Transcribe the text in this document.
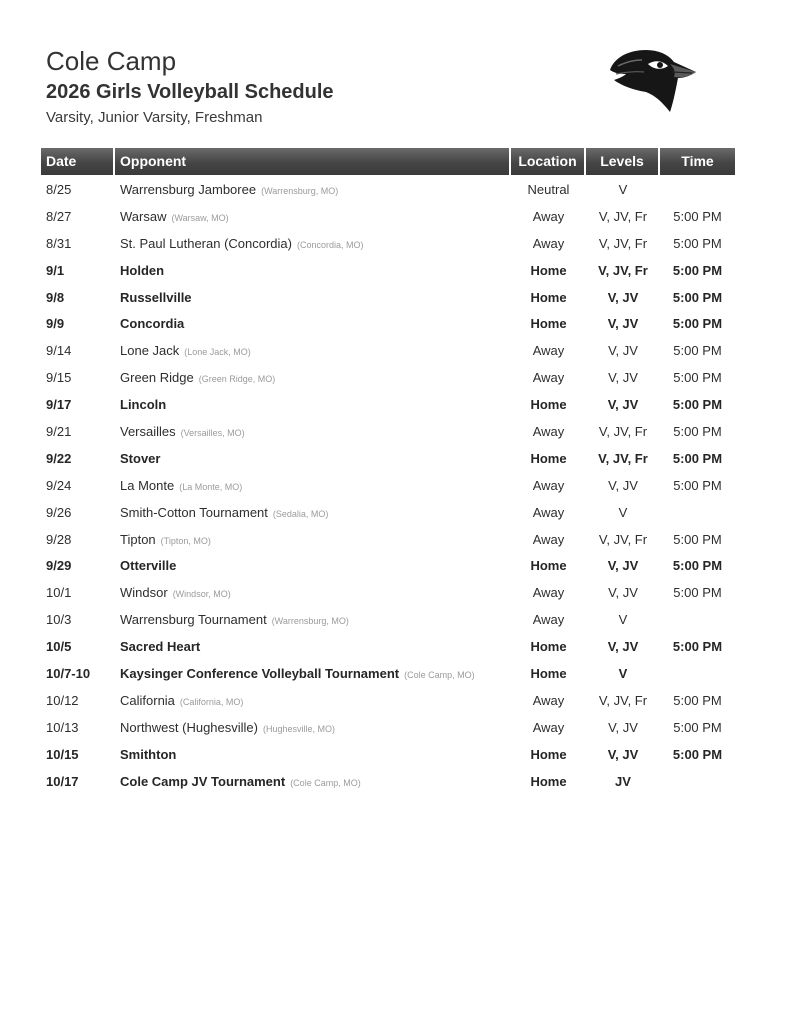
Cole Camp
2026 Girls Volleyball Schedule

Varsity, Junior Varsity, Freshman

Date	Opponent	Location	Levels	Time
8/25	Warrensburg Jamboree (Warrensburg, MO)	Neutral	V
8/27	Warsaw (Warsaw, MO)	Away	V, JV, Fr	5:00 PM
8/31	St. Paul Lutheran (Concordia) (Concordia, MO)	Away	V, JV, Fr	5:00 PM
9/1	Holden	Home	V, JV, Fr	5:00 PM
9/8	Russellville	Home	V, JV	5:00 PM
9/9	Concordia	Home	V, JV	5:00 PM
9/14	Lone Jack (Lone Jack, MO)	Away	V, JV	5:00 PM
9/15	Green Ridge (Green Ridge, MO)	Away	V, JV	5:00 PM
9/17	Lincoln	Home	V, JV	5:00 PM
9/21	Versailles (Versailles, MO)	Away	V, JV, Fr	5:00 PM
9/22	Stover	Home	V, JV, Fr	5:00 PM
9/24	La Monte (La Monte, MO)	Away	V, JV	5:00 PM
9/26	Smith-Cotton Tournament (Sedalia, MO)	Away	V
9/28	Tipton (Tipton, MO)	Away	V, JV, Fr	5:00 PM
9/29	Otterville	Home	V, JV	5:00 PM
10/1	Windsor (Windsor, MO)	Away	V, JV	5:00 PM
10/3	Warrensburg Tournament (Warrensburg, MO)	Away	V
10/5	Sacred Heart	Home	V, JV	5:00 PM
10/7-10	Kaysinger Conference Volleyball Tournament (Cole Camp, MO)	Home	V
10/12	California (California, MO)	Away	V, JV, Fr	5:00 PM
10/13	Northwest (Hughesville) (Hughesville, MO)	Away	V, JV	5:00 PM
10/15	Smithton	Home	V, JV	5:00 PM
10/17	Cole Camp JV Tournament (Cole Camp, MO)	Home	JV
